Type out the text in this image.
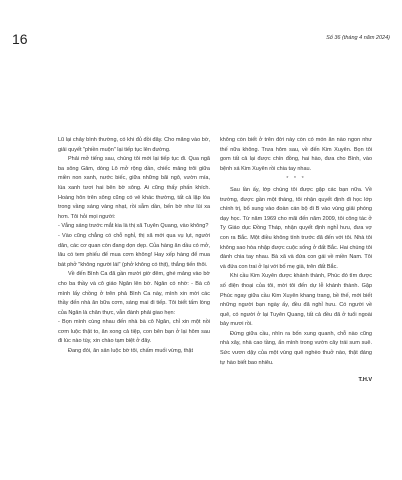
16	Số 36 (tháng 4 năm 2024)

Lũ lại chảy bình thường, có khi đủ đồi đây. Cho mãng vào bờ, giải quyết "phiền muộn" lại tiếp tục lên đường.

Phải mở tiếng sau, chúng tôi mới lại tiếp tục đi. Qua ngã ba sông Gâm, dòng Lô mở rộng dần, chiếc mảng trôi giữa miền non xanh, nước biếc, giữa những bãi ngô, vườn mía, lúa xanh tươi hai bên bờ sông. Ai cũng thấy phấn khích. Hoàng hôn trên sông cũng có vẻ khác thường, tất cả lặp lóa trong vầng sáng vàng nhạt, rồi sẫm dần, bến bờ như lùi xa hơn. Tôi hỏi mọi người:

- Vắng sáng trước mắt kia là thị xã Tuyên Quang, vào không?

- Vào cũng chẳng có chỗ nghỉ, thị xã mới qua vụ lụt, người dân, các cơ quan còn đang dọn dẹp. Của hàng ăn dầu có mở, lâu có tem phiếu để mua cơm không! Hay xếp hàng để mua bát phở "không người lái" (phở không có thịt), thắng tiến thôi.

Về đến Bình Ca đã gần mười giờ đêm, ghé mảng vào bờ cho ba thầy và cô giáo Ngân lên bờ. Ngân có nhờ: - Bà cô mình lấy chồng ở trên phả Bình Ca này, mình xin mời các thầy đến nhà ăn bữa cơm, sáng mai đi tiếp. Tôi biết tấm lòng của Ngân là chân thực, vẫn đành phải giao hẹn:

- Bọn mình cùng nhau đến nhà bà cô Ngân, chỉ xin một nồi cơm luộc thật to, ăn xong cả tiệp, con bên bạn ở lại hôm sau đi lúc nào tùy, xin chào tạm biệt ở đây.

Đang đói, ăn sản luộc bờ tôi, chấm muối vừng, thật

không còn biết ở trên đời này còn có món ăn nào ngon như thế nữa không. Trưa hôm sau, về đến Kim Xuyên. Bọn tôi gom tất cả lại được chín đồng, hai hào, đưa cho Bình, vào bệnh xá Kim Xuyên rồi chia tay nhau.

* * *

Sau lần ấy, lớp chúng tôi được gặp các bạn nữa. Về trường, được gần một tháng, tôi nhận quyết định đi học lớp chính trị, bổ sung vào đoàn cán bộ đi B vào vùng giải phóng dạy học. Từ năm 1969 cho mãi đến năm 2009, tôi công tác ở Ty Giáo dục Đồng Tháp, nhận quyết định nghỉ hưu, đưa vợ con ra Bắc. Một điều không tính trước đã đến với tôi. Nhà tôi không sao hòa nhập được cuộc sống ở đất Bắc. Hai chúng tôi đành chia tay nhau. Bà xã và đứa con gái về miền Nam. Tôi và đứa con trai ở lại với bố mẹ già, trên đất Bắc.

Khi cầu Kim Xuyên được khánh thành, Phúc đó tìm được số điện thoại của tôi, mời tôi đến dự lễ khánh thành. Gặp Phúc ngay giữa cầu Kim Xuyên khang trang, bề thế, mới biết những người bạn ngày ấy, đều đã nghỉ hưu. Có người về quê, có người ở lại Tuyên Quang, tất cả đều đã ở tuổi ngoài bảy mươi rồi.

Đứng giữa cầu, nhìn ra bốn xung quanh, chỗ nào cũng nhà xây, nhà cao tầng, ẩn mình trong vườn cây trái sum suê. Sức vươn dậy của một vùng quê nghèo thuở nào, thật đáng tự hào biết bao nhiêu.

T.H.V
